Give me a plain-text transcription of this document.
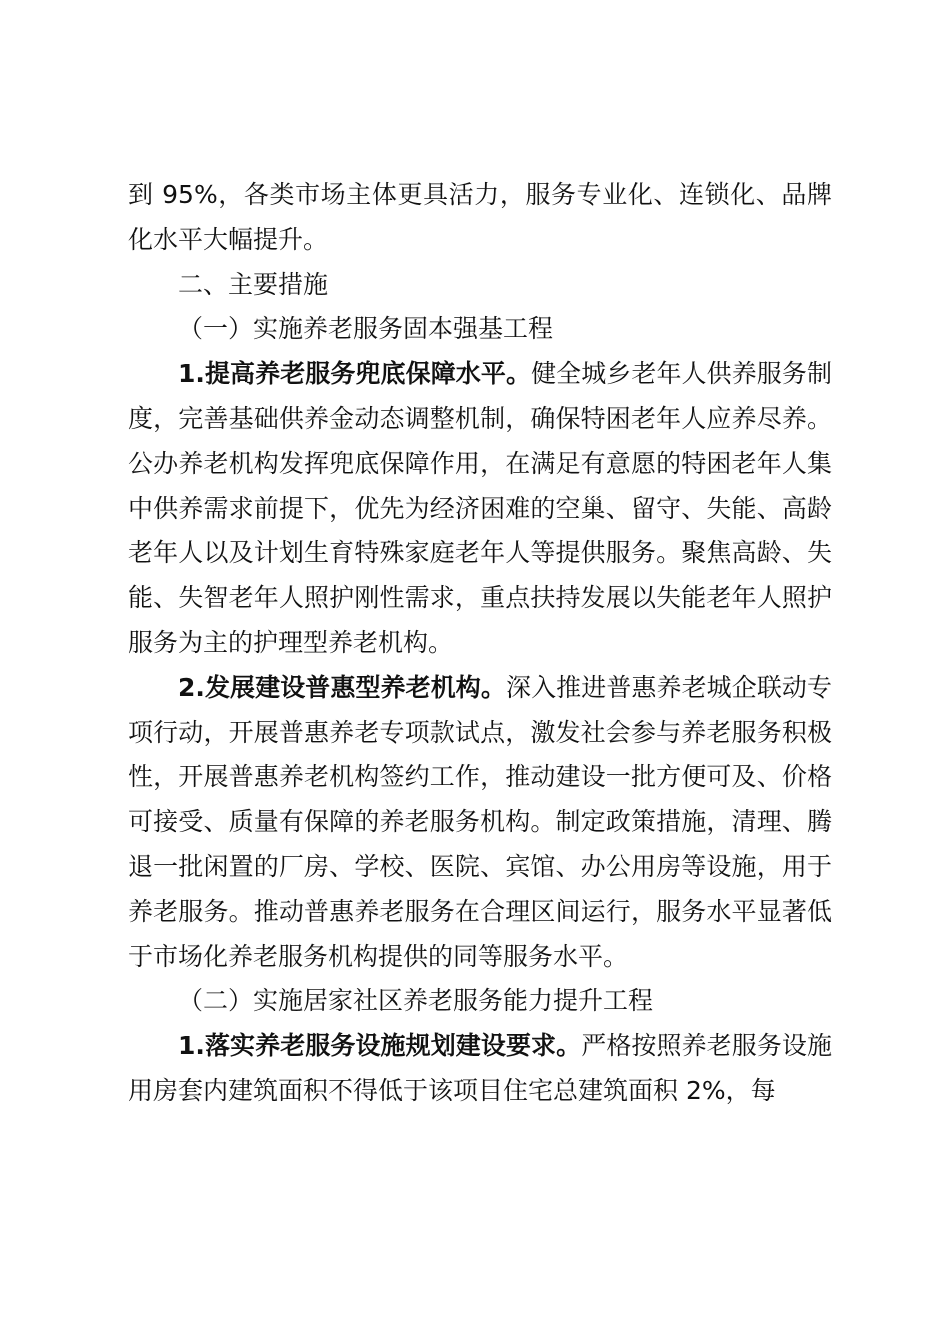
到 95%，各类市场主体更具活力，服务专业化、连锁化、品牌化水平大幅提升。

二、主要措施

（一）实施养老服务固本强基工程

1.提高养老服务兜底保障水平。健全城乡老年人供养服务制度，完善基础供养金动态调整机制，确保特困老年人应养尽养。公办养老机构发挥兜底保障作用，在满足有意愿的特困老年人集中供养需求前提下，优先为经济困难的空巢、留守、失能、高龄老年人以及计划生育特殊家庭老年人等提供服务。聚焦高龄、失能、失智老年人照护刚性需求，重点扶持发展以失能老年人照护服务为主的护理型养老机构。

2.发展建设普惠型养老机构。深入推进普惠养老城企联动专项行动，开展普惠养老专项款试点，激发社会参与养老服务积极性，开展普惠养老机构签约工作，推动建设一批方便可及、价格可接受、质量有保障的养老服务机构。制定政策措施，清理、腾退一批闲置的厂房、学校、医院、宾馆、办公用房等设施，用于养老服务。推动普惠养老服务在合理区间运行，服务水平显著低于市场化养老服务机构提供的同等服务水平。

（二）实施居家社区养老服务能力提升工程

1.落实养老服务设施规划建设要求。严格按照养老服务设施用房套内建筑面积不得低于该项目住宅总建筑面积 2%，每
